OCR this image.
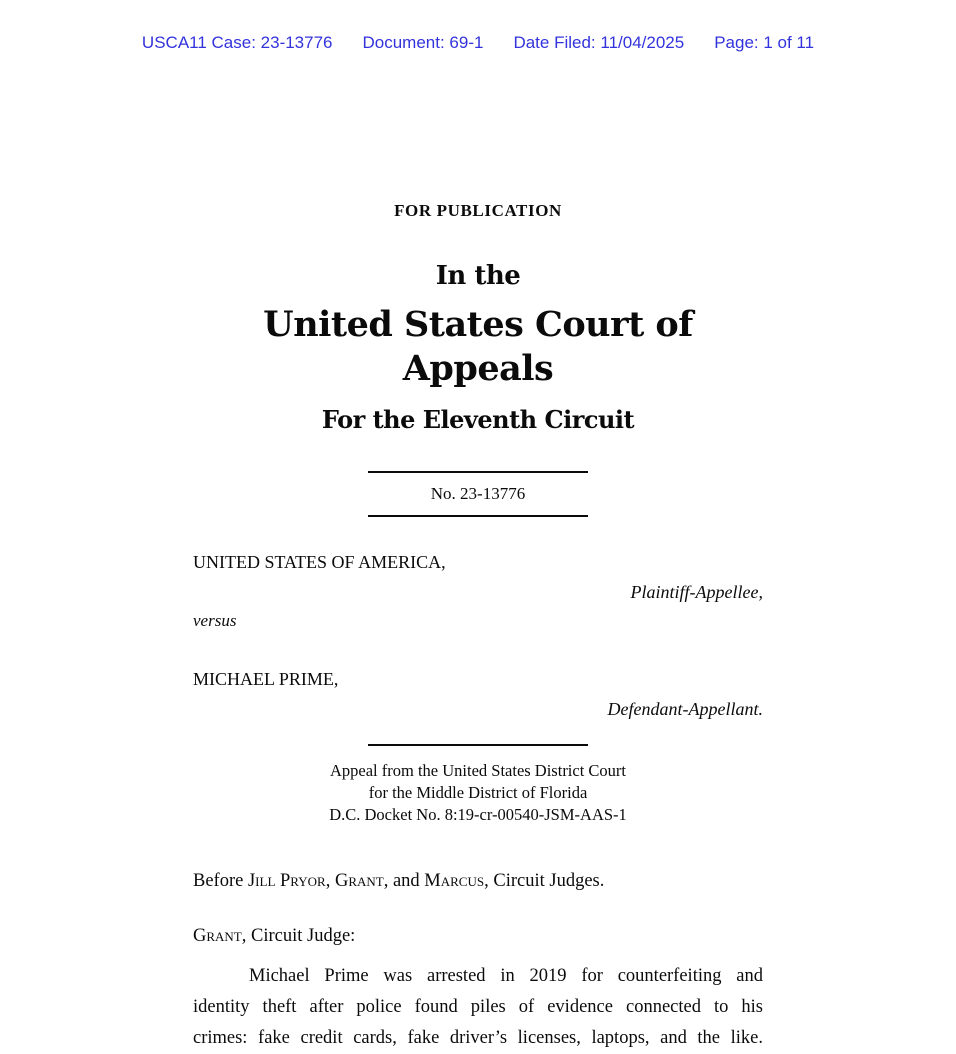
USCA11 Case: 23-13776 Document: 69-1 Date Filed: 11/04/2025 Page: 1 of 11
FOR PUBLICATION
In the
United States Court of Appeals
For the Eleventh Circuit
No. 23-13776
UNITED STATES OF AMERICA,
Plaintiff-Appellee,
versus
MICHAEL PRIME,
Defendant-Appellant.
Appeal from the United States District Court
for the Middle District of Florida
D.C. Docket No. 8:19-cr-00540-JSM-AAS-1
Before Jill Pryor, Grant, and Marcus, Circuit Judges.
Grant, Circuit Judge:
Michael Prime was arrested in 2019 for counterfeiting and
identity theft after police found piles of evidence connected to his
crimes: fake credit cards, fake driver’s licenses, laptops, and the like.
